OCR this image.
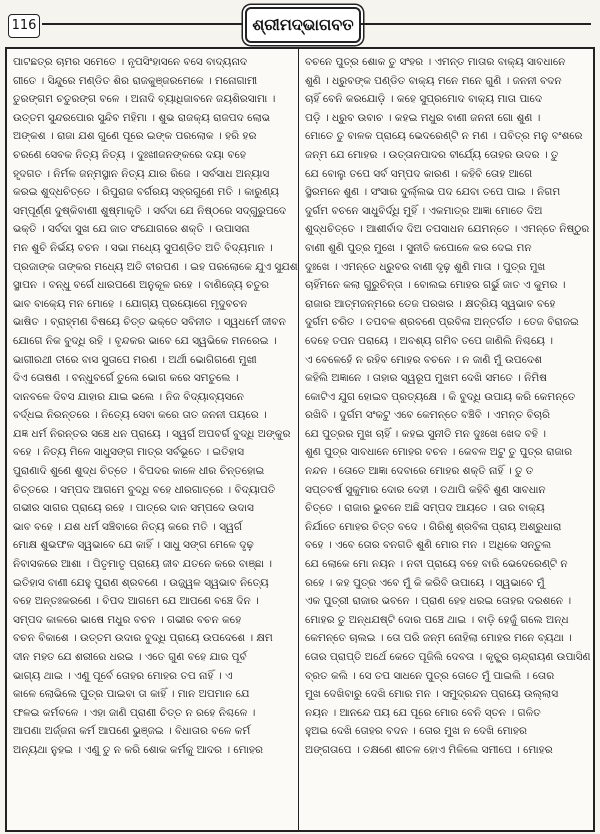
116	ଶ୍ରୀମଦ୍ଭାଗବତ
ପାଟଛତ୍ର ଚାମର ସମେତେ । ନୃପସିଂହାସନେ ବସେ ବାଦ୍ୟନାଦ
ଗୀତେ । ସିନ୍ଦୁରେ ମଣ୍ଡିତ ଶିର ରାଜକୁଞ୍ଜରମେକେ । ମନୋଗାମୀ
ତୁରଙ୍ଗମ ଚତୁରଙ୍ଗ ବଳେ । ଅନାଦି ବ୍ୟାଧିଜାବନେ ଜୟଶିରସାମା ।
ଉତ୍ତମ ସୁନ୍ଦରପୋର ସୁନ୍ଦିବ ମହିମା । ଶୁଭ ରାଜକ୍ୟ ରାଜପଦ ଲୋଭ
ଅଙ୍କଶ । ରାଜା ଯଶ ଗୁଣେ ପୂରେ ଇଙ୍କ ପରଲୋକ । ହରି ହର
ଚରଣେ ସେବକ ନିତ୍ୟ ନିତ୍ୟ । ଦୁଃଖୀଜନଙ୍କରେ ଦୟା ବହେ
ହୃଦଗତ । ନିର୍ମଳ ଜନ୍ମସ୍ଥାନ ନିତ୍ୟ ଯାର ରିଜେ । ସର୍ବସାଧ ଅନ୍ୟାସ
କରଇ ଶୁଦ୍ଧଚିତ୍ତେ । ରିପୁରାଜ ବର୍ଗରୟ ସହ୍ରଗୁଣେ ମତି । କାରୁଣ୍ୟ
ସମ୍ପୂର୍ଣ୍ଣ ଦୁଷ୍କିବାଣୀ ଶୁଷ୍ମାକୃତି । ସର୍ବଦା ଯେ ନିଷ୍ଠରେ ସଦ୍ଗୁରୁପଦେ
ଭକ୍ତି । ସର୍ବଦା ସୁଖ ଯେ ଜାତ ସଂଯୋଗରେ ଶକ୍ତି । ଉପାସନା
ମନ ଶୁଚି ନିର୍ଭୟ ବଚନ । ସଭା ମଧ୍ୟେ ସୁପଣ୍ଡିତ ଅତି ବିଦ୍ୟମାନ ।
ପ୍ରଜାଙ୍କ ତାଙ୍କର ମଧ୍ୟେ ଅତି ବୀରପଣ । ଇହ ପରଲୋକେ ଯୁଏ ସୁଯଶ
ସ୍ଥାପନ । ବନ୍ଧୁ ବର୍ଗେ ଧାରପଣେ ଅନୁକୂଳ ରହେ । ବାଣିଜ୍ୟେ ଚତୁର
ଭାବ ବାକ୍ୟେ ମନ ମୋହେ । ଯୋଗ୍ୟ ପ୍ରୟୋଗେ ମୃଦୁବଚନ
ଭାଷିତ । ବ୍ରାହ୍ମଣ ବିଷୟେ ଚିତ୍ତ ଭକ୍ତେ ସବିନୀତ । ସ୍ୱଧର୍ମେ ଜୀବନ
ଯୋଗେ ନିକ ବୁଦ୍ଧି ରହି । ବୃନ୍ଦକର ଭାବେ ଯେ ସ୍ୱଭିକେ ମନରେଇ ।
ଭାଗୀରଥୀ ତୀରେ ବାସ ସୁତାପେ ମରଣ । ଅର୍ଥୀ ଭୋଗିଗଣେ ମୁଖୀ
ଦିଏ ତୋଷଣ । ବନ୍ଧୁବର୍ଗେ ତୁଲେ ଭୋଗ କରେ ସମତୁଲେ ।
ଦାନବଳେ ଦିବସ ଯାହାର ଯାଇ ଭଲେ । ନିଜ ବିଦ୍ୟାବ୍ୟସନେ
ବର୍ଦ୍ଧଇ ନିରନ୍ତରେ । ନିତ୍ୟେ ସେବା କରେ ତାତ ଜନନୀ ପୟରେ ।
ଯଜ୍ଞ ଧର୍ମ ନିରନ୍ତର ସଞ୍ଚେ ଧନ ପ୍ରାୟେ । ସ୍ୱର୍ଗ ଅପବର୍ଗ ବୁଦ୍ଧି ଅଙ୍କୁର
ବହେ । ନିତ୍ୟ ମିଳେ ସାଧୁସଙ୍ଗ ମାତ୍ର ସର୍ବଭୂତେ । ଇତିହାସ
ପୁରାଣାଦି ଶୁଣେ ଶୁଦ୍ଧ ଚିତ୍ତେ । ବିପଦର କାଳେ ଧୀର ଚିନ୍ତହୋଇ
ଚିତ୍ତରେ । ସମ୍ପଦ ଆଗମେ ବୁଦ୍ଧି ବହେ ଧୀରଗାତ୍ରେ । ବିଦ୍ୟାପତି
ଗଭୀର ସାଗର ପ୍ରାୟେ ରହେ । ପାତ୍ରେ ଦାନ ସମ୍ପଦେ ଉଦାସ
ଭାବ ବହେ । ଯଶ ଧର୍ମ ସଞ୍ଚିବାରେ ନିତ୍ୟ କରେ ମତି । ସ୍ୱର୍ଗ
ମୋକ୍ଷ ଶୁଭଫଳ ସ୍ୱଭାବେ ଯେ କାହିଁ । ସାଧୁ ସଙ୍ଗ ମେଳେ ଦୃଢ଼
ନିବାସକରେ ଆଶା । ପିତୃମାତୃ ପ୍ରାୟେ ଜୀବ ଯତନେ କରେ ବାଞ୍ଛା ।
ଇତିହାସ ବାଣୀ ଯେହୁ ପୁରାଣ ଶ୍ରବଣେ । ଉଜ୍ଜ୍ୱଳ ସ୍ୱଭାବ ନିତ୍ୟେ
ବହେ ଅନ୍ତଃକରଣେ । ବିପଦ ଆଗମେ ଯେ ଆପଣେ ବଞ୍ଚେ ଦିନ ।
ସମ୍ପଦ କାଳରେ ଭାଷେ ମଧୁର ବଚନ । ଗଭୀର ବଚନ କହେ
ବଚନ ବିକାଶେ । ଉତ୍ତମ ଉଦାର ବୁଦ୍ଧି ପ୍ରାୟେ ଉପଦେଶେ । କ୍ଷମ
ଦୀନ ମହତ ଯେ ଶରୀରେ ଧରଇ । ଏତେ ଗୁଣ ବହେ ଯାର ପୂର୍ବ
ଭାଗ୍ୟ ଥାଇ । ଏଣୁ ପୂର୍ବେ ତୋହର ମୋହର ତପ ନାହିଁ । ଏ
କାଳେ ଲୋଭିଲେ ପୁତ୍ର ପାଇବା ତା କାହିଁ । ମାନ ଅପମାନ ଯେ
ଫଳଇ କର୍ମବଳେ । ଏହା ଜାଣି ପ୍ରାଣୀ ଚିତ୍ତ ନ ରହେ ନିଶ୍ଚଳେ ।
ଆପଣା ଅର୍ଜ୍ଜନା କର୍ମ ଆପଣେ ଭୁଞ୍ଜଇ । ବିଧାତାର ବଳେ କର୍ମ
ଅନ୍ୟଥା ନୁହଇ । ଏଣୁ ତୁ ନ କରି ଶୋକ କର୍ମକୁ ଆଦର । ମୋହର
ବଚନେ ପୁତ୍ର ଶୋକ ତୁ ସଂହର । ଏମନ୍ତ ମାତାର ବାକ୍ୟ ସାବଧାନେ
ଶୁଣି । ଧ୍ରୁବଙ୍କ ପଣ୍ଡିତ ବାକ୍ୟ ମନେ ମନେ ଗୁଣି । ଜନନୀ ବଦନ
ଚାହିଁ ବେନି କରଯୋଡ଼ି । କହେ ସୁପ୍ରମୋଦ ବାକ୍ୟ ମାତା ପାଦେ
ପଡ଼ି । ଧ୍ରୁବ ଉବାଚ । କହଇ ମଧୁର ବାଣୀ ଜନନୀ ଗୋ ଶୁଣ ।
ମୋତେ ତୁ ବାଳକ ପ୍ରାୟେ ଭେଦରେଣ୍ଟି ନ ମଣ । ପବିତ୍ର ମନୁ ବଂଶରେ
ଜନ୍ମ ଯେ ମୋହର । ଉତ୍ତାନପାଦର ବୀର୍ଯ୍ୟେ ତୋହର ଉଦର । ତୁ
ଯେ ବୋଲୁ ତପେ ସର୍ବ ସମ୍ପଦ କାରଣ । କହିବି ତୋହ ଆଗେ
ସ୍ଥିରମନେ ଶୁଣ । ସଂସାର ଦୁର୍ଲ୍ଲଭ ପଦ ଯେବା ତପେ ପାଇ । ନିଗମ
ଦୁର୍ଗମ ବଚନେ ସାଧୁବିର୍ଦ୍ଧି ମୁହିଁ । ଏକମାତ୍ର ଆଜ୍ଞା ମୋତେ ଦିଅ
ଶୁଦ୍ଧଚିତ୍ତେ । ଆଶୀର୍ବାଦ ଦିଅ ତପସାଧନ ଯେମନ୍ତେ । ଏମନ୍ତେ ନିଷ୍ଠୁର
ବାଣୀ ଶୁଣି ପୁତ୍ର ମୁଖେ । ସୁନୀତି କପୋଳେ କର ଦେଇ ମନ
ଦୁଃଖେ । ଏମନ୍ତେ ଧ୍ରୁବର ବାଣୀ ଦୃଢ଼ ଶୁଣି ମାତା । ପୁତ୍ର ମୁଖ
ଚାହିଁମନେ କଲା ଗୁରୁଚିନ୍ତା । ବୋଲଇ ମୋହର ଗର୍ଭୁ ଜାତ ଏ କୁମର ।
ରାଜାର ଆତ୍ମଜନ୍ମରେ ତେଜ ପରଖର । କ୍ଷତ୍ରିୟ ସ୍ୱଭାବ ବହେ
ଦୁର୍ଗମ ଚରିତ । ତପବଳ ଶ୍ରବଣେ ପ୍ରବିଳା ଅନ୍ତର୍ଗତ । ତେଜ ବିରାଜଇ
ଦେହେ ତପନ ପରାୟେ । ଅବଶ୍ୟ ଗମିବ ତପେ ଜାଣିଲି ନିଶ୍ଚୟେ ।
ଏ ବେଳେହେଁ ନ ରହିବ ମୋହର ବଚନେ । ନ ଜାଣି ମୁଁ ଉପଦେଶ
କହିଲି ଅଜ୍ଞାନେ । ତାହାର ସ୍ୱରୂପ ମୁଖମ ଦେଖି ସମତେ । ନିମିଷ
କୋଟିଏ ଯୁଗ ହୋଇବ ପ୍ରତ୍ୟକ୍ଷେ । କି ବୁଦ୍ଧି ଉପାୟ କରି କେମନ୍ତେ
ରଖିବି । ଦୁର୍ଗମ ସଂକଟୁ ଏବେ କେମନ୍ତେ ବଞ୍ଚିବି । ଏମନ୍ତ ବିଚାରି
ଯେ ପୁତ୍ରର ମୁଖ ଚାହିଁ । କହଇ ସୁନୀତି ମନ ଦୁଃଖେ ଖେଦ ବହି ।
ଶୁଣ ପୁତ୍ର ସାବଧାନେ ମୋହର ବଚନ । କେବଳ ଅଟୁ ତୁ ପୁତ୍ର ରାଜାର
ନନ୍ଦନ । ତୋତେ ଆଜ୍ଞା ଦେବାରେ ମୋହର ଶକ୍ତି ନାହିଁ । ତୁ ତ
ସପ୍ତବର୍ଷ ସୁକୁମାର ଦୋର ଦେହୀ । ତଥାପି କହିବି ଶୁଣ ସାବଧାନ
ଚିତ୍ତେ । ରାଜାର ଭୁବନେ ଅଛି ସମ୍ପଦ ଆୟତେ । ତାର ବାକ୍ୟ
ନିର୍ଯାତେ ମୋହର ଚିତ୍ତ ବଦେ । ଗିରିଶୃ ଶ୍ରବିଳା ପ୍ରାୟ ଅଶ୍ରୁଧାରା
ବହେ । ଏବେ ତୋର ବନଗତି ଶୁଣି ମୋର ମନ । ଅଧିକେ ସନ୍ତୁଲ
ଯେ ଲୋକେ ମୋ ନୟନ । ନବୀ ପ୍ରାୟେ ବହେ ବାରି ଭେଦେରେଣ୍ଟି ନ
ରହେ । କହ ପୁତ୍ର ଏବେ ମୁଁ କି କରିବି ଉପାୟେ । ସ୍ୱଭାବେ ମୁଁ
ଏକ ପୁତ୍ରୀ ରାଜାର ଭବନେ । ପ୍ରାଣ ହେହ ଧରଇ ତୋହର ଦରଶନେ ।
ମୋହର ତୁ ଅନ୍ଧଯଷ୍ଟି ଦୋର ପଞ୍ଚେ ଥାଇ । ବାଡ଼ି ହେଜୁଁ ଗଲେ ଅନ୍ଧ
କେମନ୍ତେ ଚାଲଇ । ତୋ ପରି ଜନ୍ମ ନୋହିଲା ମୋହର ମନେ ବ୍ୟଥା ।
ତୋର ପ୍ରାପ୍ତି ଅର୍ଥେ କେତେ ପୂଜିଲି ଦେବତା । କୃଚ୍ଛ୍ର ଚାନ୍ଦ୍ରାୟଣ ଉପାସିଣ
ବ୍ରତ କଲି । ସେ ତପ ସାଧନେ ପୁତ୍ର ତୋତେ ମୁଁ ପାଇଲି । ତୋର
ମୁଖ ଦେଖିବାରୁ ଦେଖି ମୋର ମନ । ସମୁଦ୍ରନ୍ଦନ ପ୍ରାୟେ ଉଲ୍ଲାସ
ନୟନ । ଆନନ୍ଦେ ପୟ ଯେ ପୂରେ ମୋର ବେନି ସ୍ତନ । ଗଳିତ
ହୁଅଇ ଦେଖି ତୋହର ବଦନ । ତୋର ମୁଖ ନ ଦେଖି ମୋହର
ଅଙ୍ଗତାପେ । ତକ୍ଷଣେ ଶୀତଳ ହୋଏ ମିଳିଲେ ସମୀପେ । ମୋହର
